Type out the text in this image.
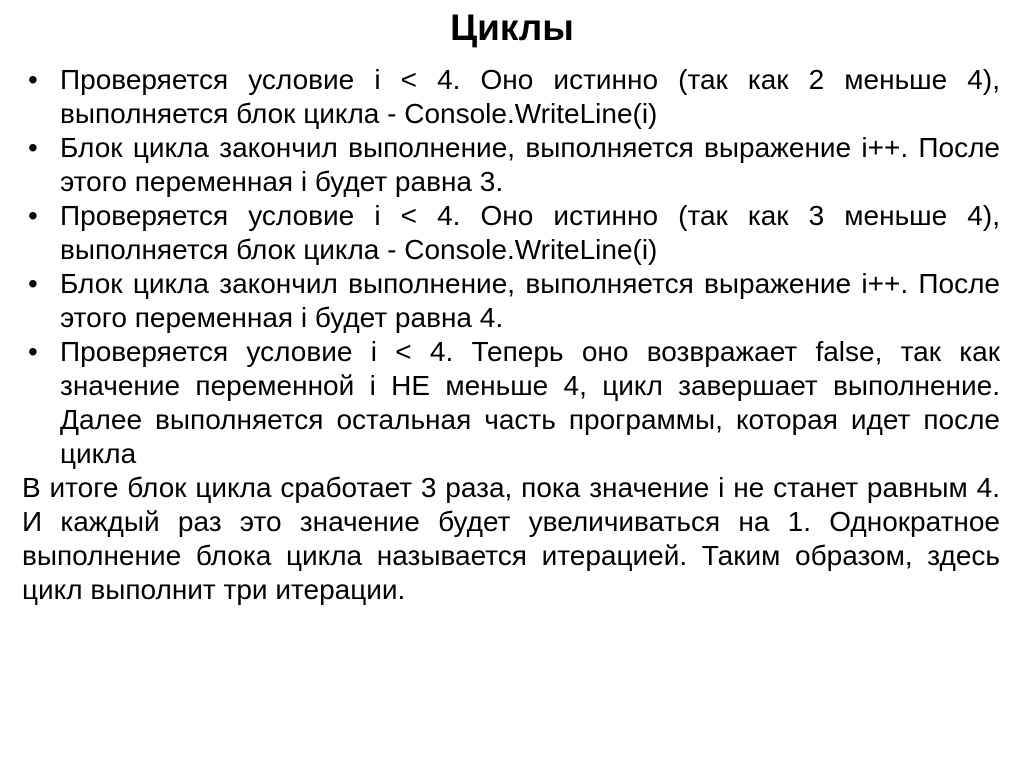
Циклы
• Проверяется условие i < 4. Оно истинно (так как 2 меньше 4), выполняется блок цикла - Console.WriteLine(i)
• Блок цикла закончил выполнение, выполняется выражение i++. После этого переменная i будет равна 3.
• Проверяется условие i < 4. Оно истинно (так как 3 меньше 4), выполняется блок цикла - Console.WriteLine(i)
• Блок цикла закончил выполнение, выполняется выражение i++. После этого переменная i будет равна 4.
• Проверяется условие i < 4. Теперь оно возвражает false, так как значение переменной i НЕ меньше 4, цикл завершает выполнение. Далее выполняется остальная часть программы, которая идет после цикла

В итоге блок цикла сработает 3 раза, пока значение i не станет равным 4. И каждый раз это значение будет увеличиваться на 1. Однократное выполнение блока цикла называется итерацией. Таким образом, здесь цикл выполнит три итерации.
